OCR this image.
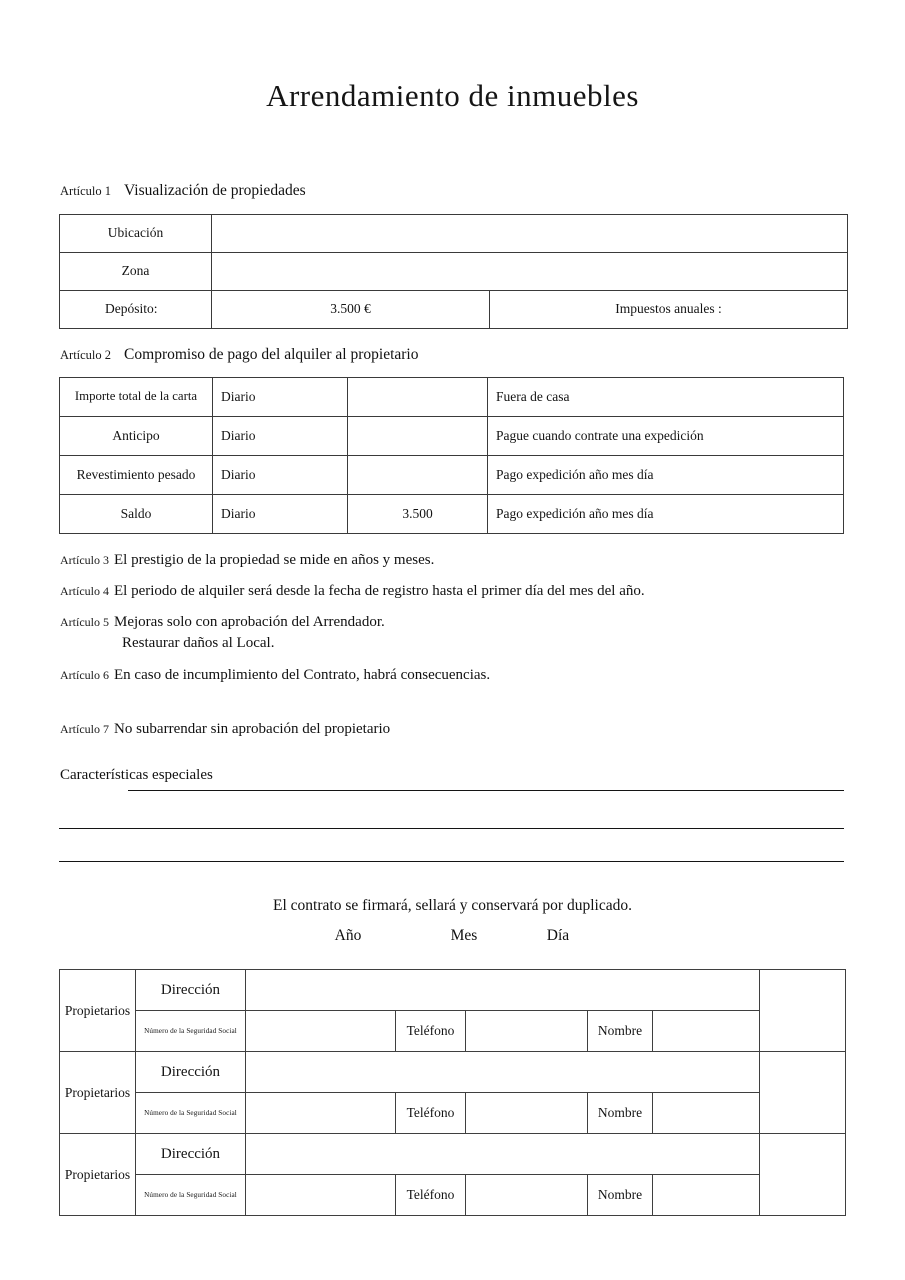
Arrendamiento de inmuebles
Artículo 1 Visualización de propiedades
Ubicación		
Zona		
Depósito:	3.500 €	Impuestos anuales :
Artículo 2 Compromiso de pago del alquiler al propietario
Importe total de la carta	Diario		Fuera de casa
Anticipo	Diario		Pague cuando contrate una expedición
Revestimiento pesado	Diario		Pago expedición año mes día
Saldo	Diario	3.500	Pago expedición año mes día
Artículo 3 El prestigio de la propiedad se mide en años y meses.
Artículo 4 El periodo de alquiler será desde la fecha de registro hasta el primer día del mes del año.
Artículo 5 Mejoras solo con aprobación del Arrendador.
Restaurar daños al Local.
Artículo 6 En caso de incumplimiento del Contrato, habrá consecuencias.
Artículo 7 No subarrendar sin aprobación del propietario
Características especiales
El contrato se firmará, sellará y conservará por duplicado.
Año	Mes	Día
Propietarios	Dirección						
	Número de la Seguridad Social		Teléfono		Nombre		
Propietarios	Dirección						
	Número de la Seguridad Social		Teléfono		Nombre		
Propietarios	Dirección						
	Número de la Seguridad Social		Teléfono		Nombre		
